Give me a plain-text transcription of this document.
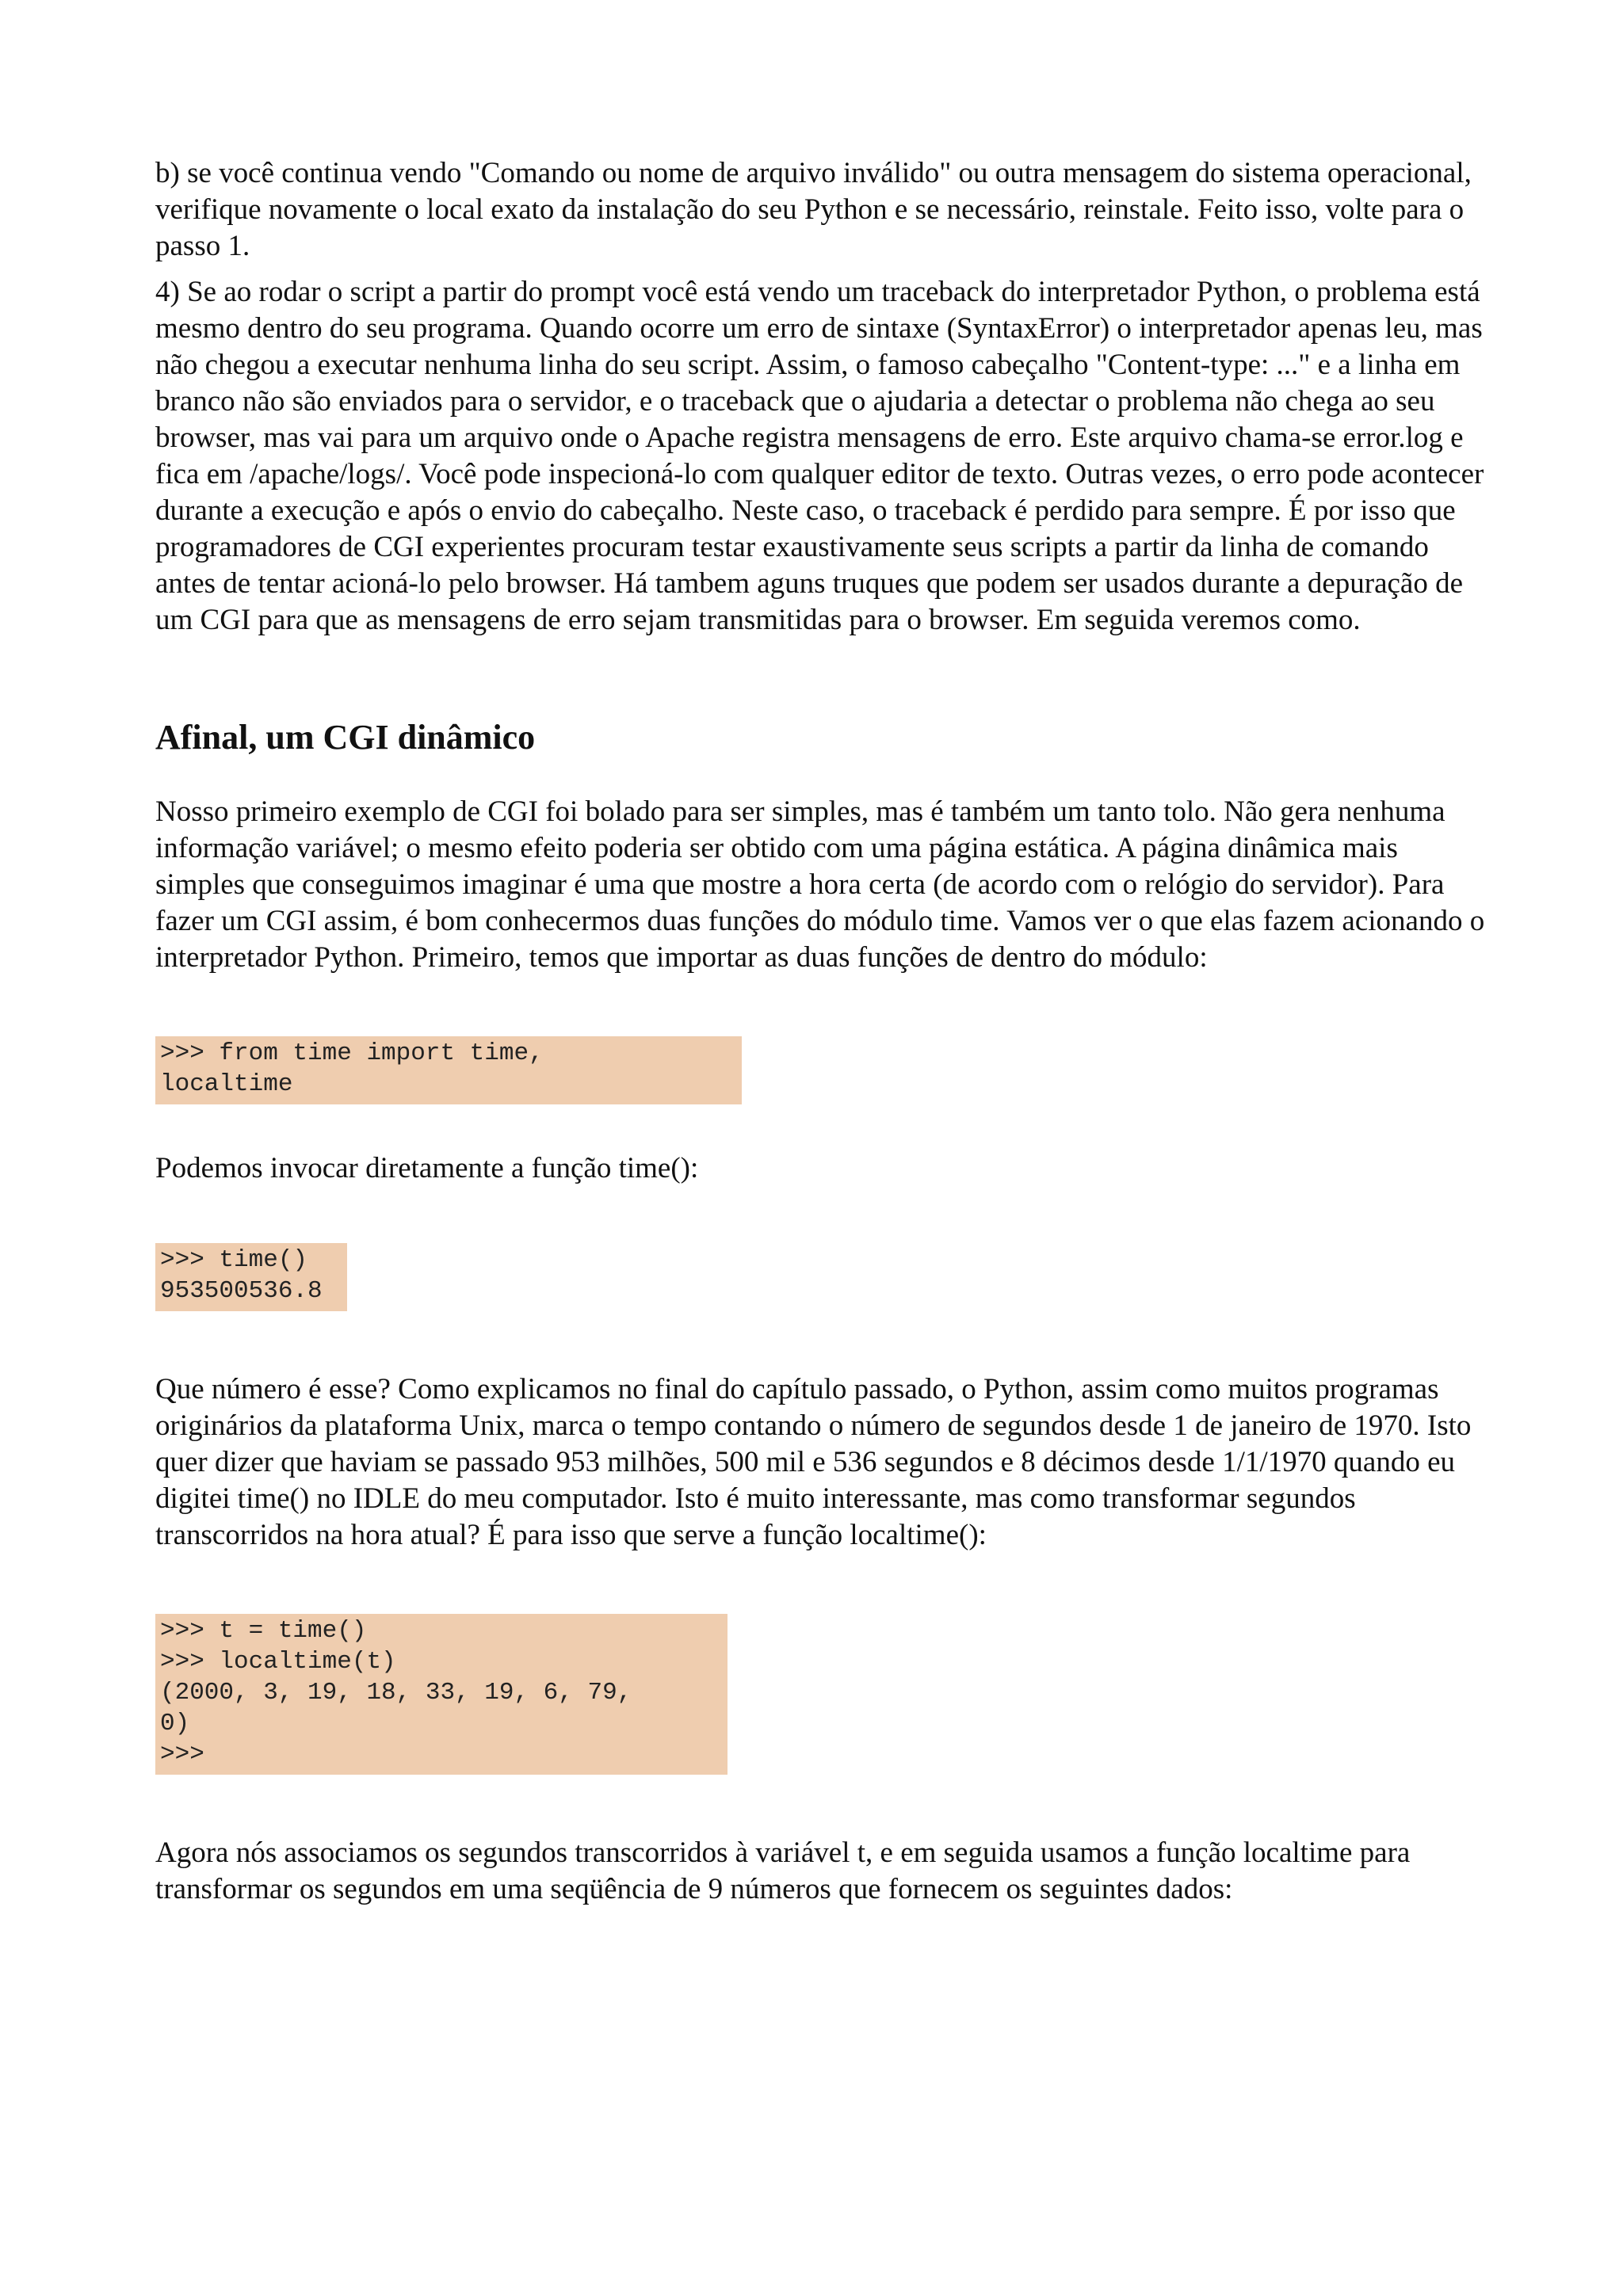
b) se você continua vendo "Comando ou nome de arquivo inválido" ou outra mensagem do sistema operacional, verifique novamente o local exato da instalação do seu Python e se necessário, reinstale. Feito isso, volte para o passo 1.

4) Se ao rodar o script a partir do prompt você está vendo um traceback do interpretador Python, o problema está mesmo dentro do seu programa. Quando ocorre um erro de sintaxe (SyntaxError) o interpretador apenas leu, mas não chegou a executar nenhuma linha do seu script. Assim, o famoso cabeçalho "Content-type: ..." e a linha em branco não são enviados para o servidor, e o traceback que o ajudaria a detectar o problema não chega ao seu browser, mas vai para um arquivo onde o Apache registra mensagens de erro. Este arquivo chama-se error.log e fica em /apache/logs/. Você pode inspecioná-lo com qualquer editor de texto. Outras vezes, o erro pode acontecer durante a execução e após o envio do cabeçalho. Neste caso, o traceback é perdido para sempre. É por isso que programadores de CGI experientes procuram testar exaustivamente seus scripts a partir da linha de comando antes de tentar acioná-lo pelo browser. Há tambem aguns truques que podem ser usados durante a depuração de um CGI para que as mensagens de erro sejam transmitidas para o browser. Em seguida veremos como.

Afinal, um CGI dinâmico

Nosso primeiro exemplo de CGI foi bolado para ser simples, mas é também um tanto tolo. Não gera nenhuma informação variável; o mesmo efeito poderia ser obtido com uma página estática. A página dinâmica mais simples que conseguimos imaginar é uma que mostre a hora certa (de acordo com o relógio do servidor). Para fazer um CGI assim, é bom conhecermos duas funções do módulo time. Vamos ver o que elas fazem acionando o interpretador Python. Primeiro, temos que importar as duas funções de dentro do módulo:

>>> from time import time,
localtime

Podemos invocar diretamente a função time():

>>> time()
953500536.8

Que número é esse? Como explicamos no final do capítulo passado, o Python, assim como muitos programas originários da plataforma Unix, marca o tempo contando o número de segundos desde 1 de janeiro de 1970. Isto quer dizer que haviam se passado 953 milhões, 500 mil e 536 segundos e 8 décimos desde 1/1/1970 quando eu digitei time() no IDLE do meu computador. Isto é muito interessante, mas como transformar segundos transcorridos na hora atual? É para isso que serve a função localtime():

>>> t = time()
>>> localtime(t)
(2000, 3, 19, 18, 33, 19, 6, 79,
0)
>>>

Agora nós associamos os segundos transcorridos à variável t, e em seguida usamos a função localtime para transformar os segundos em uma seqüência de 9 números que fornecem os seguintes dados:
